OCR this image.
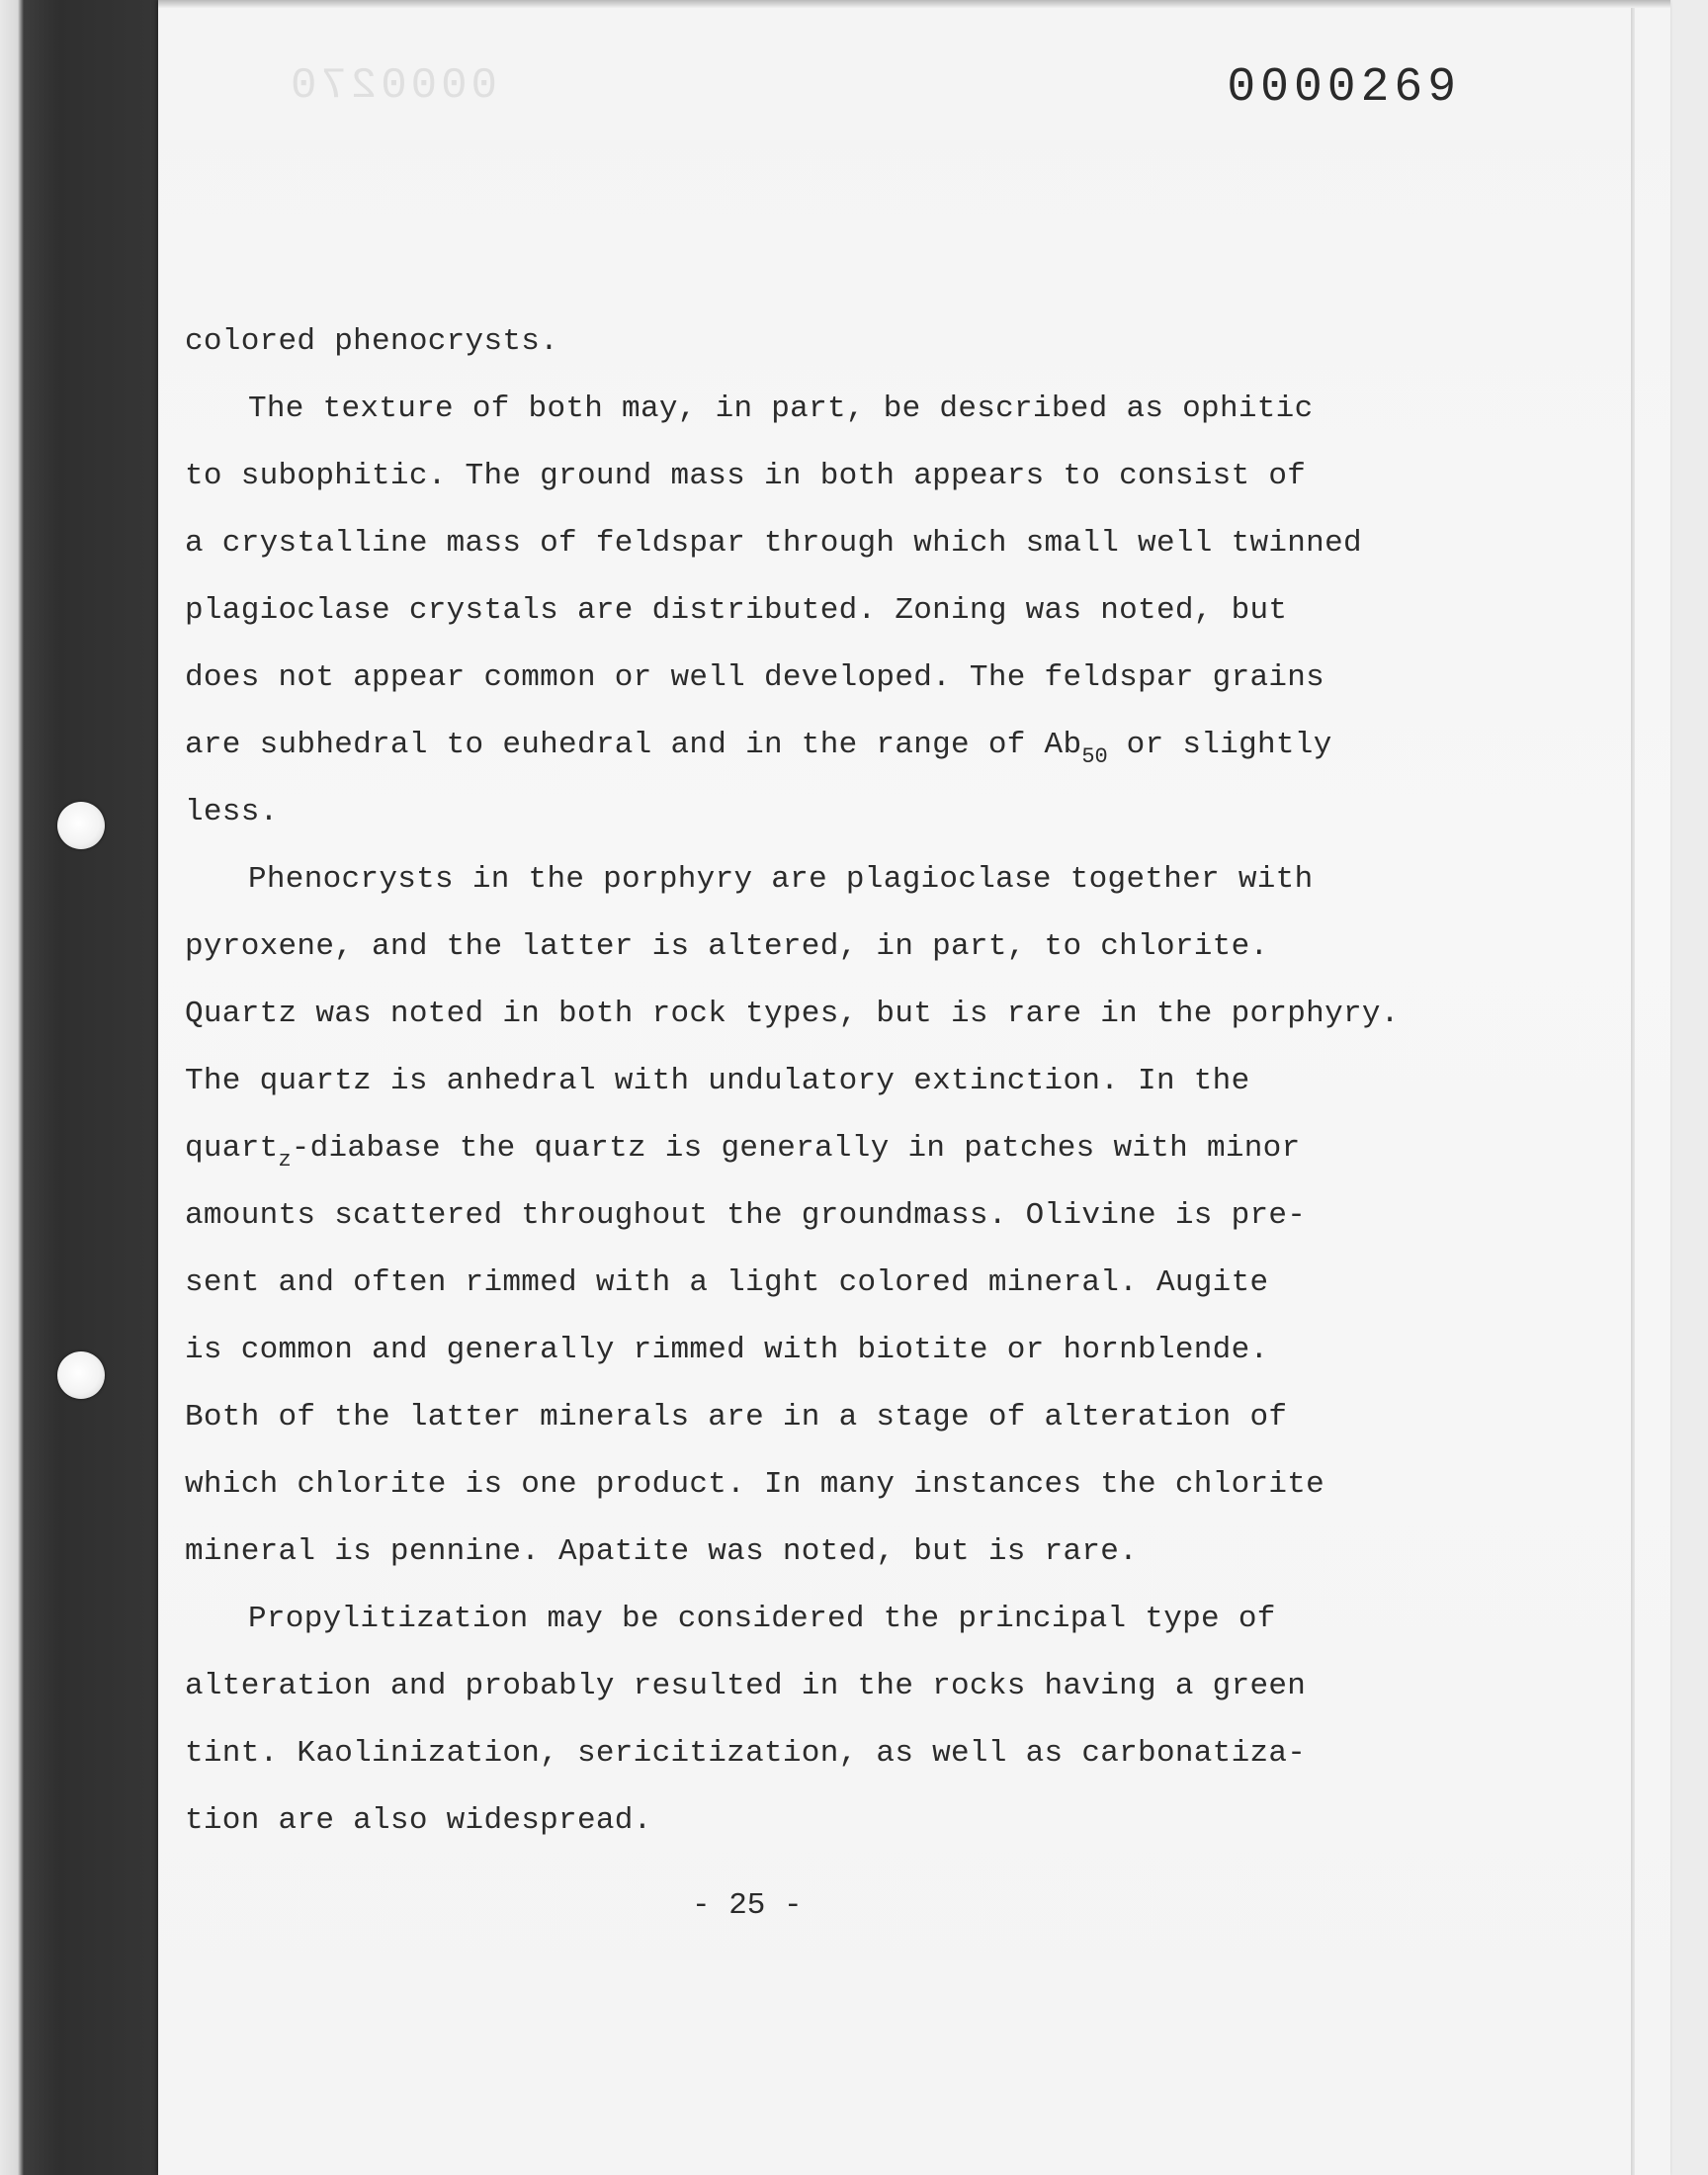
0000270	0000269
colored phenocrysts.
The texture of both may, in part, be described as ophitic
to subophitic. The ground mass in both appears to consist of
a crystalline mass of feldspar through which small well twinned
plagioclase crystals are distributed. Zoning was noted, but
does not appear common or well developed. The feldspar grains
are subhedral to euhedral and in the range of $Ab_{50}$ or slightly
less.
Phenocrysts in the porphyry are plagioclase together with
pyroxene, and the latter is altered, in part, to chlorite.
Quartz was noted in both rock types, but is rare in the porphyry.
The quartz is anhedral with undulatory extinction. In the
quart$_z$-diabase the quartz is generally in patches with minor
amounts scattered throughout the groundmass. Olivine is pre-
sent and often rimmed with a light colored mineral. Augite
is common and generally rimmed with biotite or hornblende.
Both of the latter minerals are in a stage of alteration of
which chlorite is one product. In many instances the chlorite
mineral is pennine. Apatite was noted, but is rare.
Propylitization may be considered the principal type of
alteration and probably resulted in the rocks having a green
tint. Kaolinization, sericitization, as well as carbonatiza-
tion are also widespread.
- 25 -
